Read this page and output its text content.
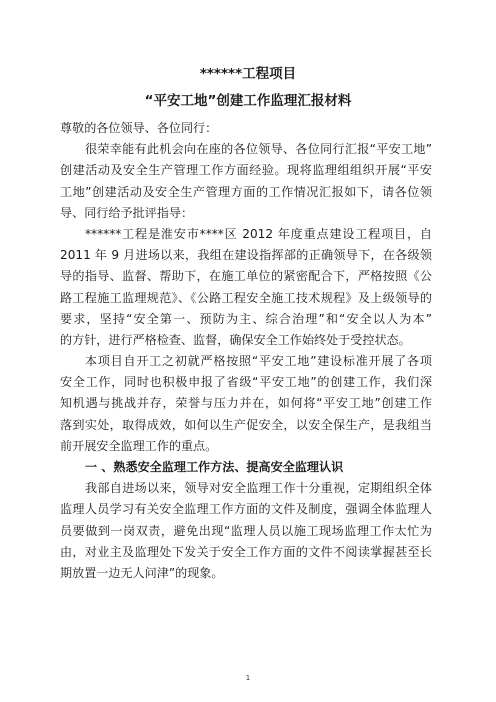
******工程项目
“平安工地”创建工作监理汇报材料
尊敬的各位领导、各位同行：
很荣幸能有此机会向在座的各位领导、各位同行汇报“平安工地”
创建活动及安全生产管理工作方面经验。现将监理组组织开展“平安
工地”创建活动及安全生产管理方面的工作情况汇报如下，请各位领
导、同行给予批评指导：
******工程是淮安市****区 2012 年度重点建设工程项目，自
2011 年 9 月进场以来，我组在建设指挥部的正确领导下，在各级领
导的指导、监督、帮助下，在施工单位的紧密配合下，严格按照《公
路工程施工监理规范》、《公路工程安全施工技术规程》及上级领导的
要求，坚持“安全第一、预防为主、综合治理”和“安全以人为本”
的方针，进行严格检查、监督，确保安全工作始终处于受控状态。
本项目自开工之初就严格按照“平安工地”建设标准开展了各项
安全工作，同时也积极申报了省级“平安工地”的创建工作，我们深
知机遇与挑战并存，荣誉与压力并在，如何将“平安工地”创建工作
落到实处，取得成效，如何以生产促安全，以安全保生产，是我组当
前开展安全监理工作的重点。
一 、熟悉安全监理工作方法、提高安全监理认识
我部自进场以来，领导对安全监理工作十分重视，定期组织全体
监理人员学习有关安全监理工作方面的文件及制度，强调全体监理人
员要做到一岗双责，避免出现“监理人员以施工现场监理工作太忙为
由，对业主及监理处下发关于安全工作方面的文件不阅读掌握甚至长
期放置一边无人问津”的现象。
1
